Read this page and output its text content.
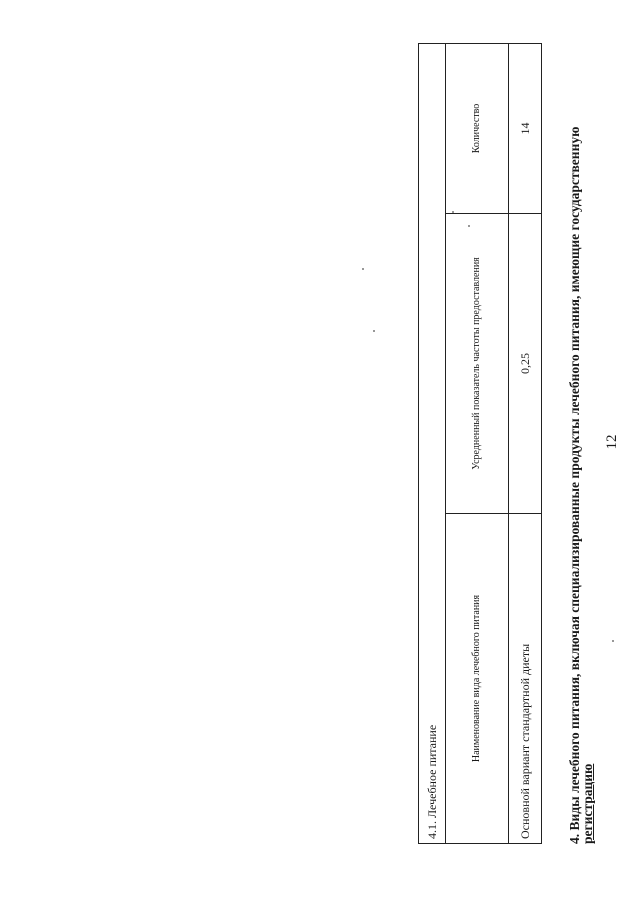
12

4. Виды лечебного питания, включая специализированные продукты лечебного питания, имеющие государственную регистрацию

4.1. Лечебное питание		
Наименование вида лечебного питания	Усредненный показатель частоты предоставления	Количество
Основной вариант стандартной диеты	0,25	14
